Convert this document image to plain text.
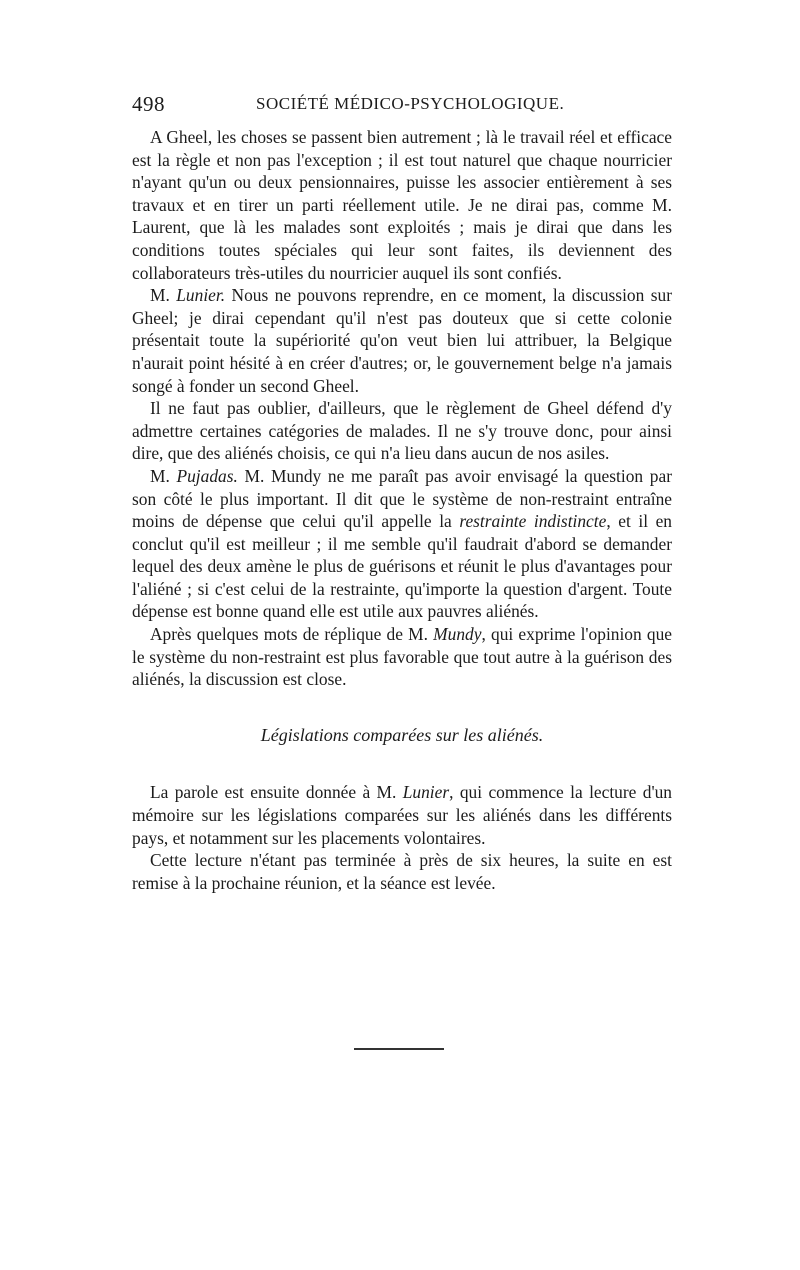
498	SOCIÉTÉ MÉDICO-PSYCHOLOGIQUE.

A Gheel, les choses se passent bien autrement ; là le travail réel et efficace est la règle et non pas l'exception ; il est tout naturel que chaque nourricier n'ayant qu'un ou deux pensionnaires, puisse les associer entièrement à ses travaux et en tirer un parti réellement utile. Je ne dirai pas, comme M. Laurent, que là les malades sont exploités ; mais je dirai que dans les conditions toutes spéciales qui leur sont faites, ils deviennent des collaborateurs très-utiles du nourricier auquel ils sont confiés.

M. Lunier. Nous ne pouvons reprendre, en ce moment, la discussion sur Gheel; je dirai cependant qu'il n'est pas douteux que si cette colonie présentait toute la supériorité qu'on veut bien lui attribuer, la Belgique n'aurait point hésité à en créer d'autres; or, le gouvernement belge n'a jamais songé à fonder un second Gheel.

Il ne faut pas oublier, d'ailleurs, que le règlement de Gheel défend d'y admettre certaines catégories de malades. Il ne s'y trouve donc, pour ainsi dire, que des aliénés choisis, ce qui n'a lieu dans aucun de nos asiles.

M. Pujadas. M. Mundy ne me paraît pas avoir envisagé la question par son côté le plus important. Il dit que le système de non-restraint entraîne moins de dépense que celui qu'il appelle la restrainte indistincte, et il en conclut qu'il est meilleur ; il me semble qu'il faudrait d'abord se demander lequel des deux amène le plus de guérisons et réunit le plus d'avantages pour l'aliéné ; si c'est celui de la restrainte, qu'importe la question d'argent. Toute dépense est bonne quand elle est utile aux pauvres aliénés.

Après quelques mots de réplique de M. Mundy, qui exprime l'opinion que le système du non-restraint est plus favorable que tout autre à la guérison des aliénés, la discussion est close.

Législations comparées sur les aliénés.

La parole est ensuite donnée à M. Lunier, qui commence la lecture d'un mémoire sur les législations comparées sur les aliénés dans les différents pays, et notamment sur les placements volontaires.

Cette lecture n'étant pas terminée à près de six heures, la suite en est remise à la prochaine réunion, et la séance est levée.
